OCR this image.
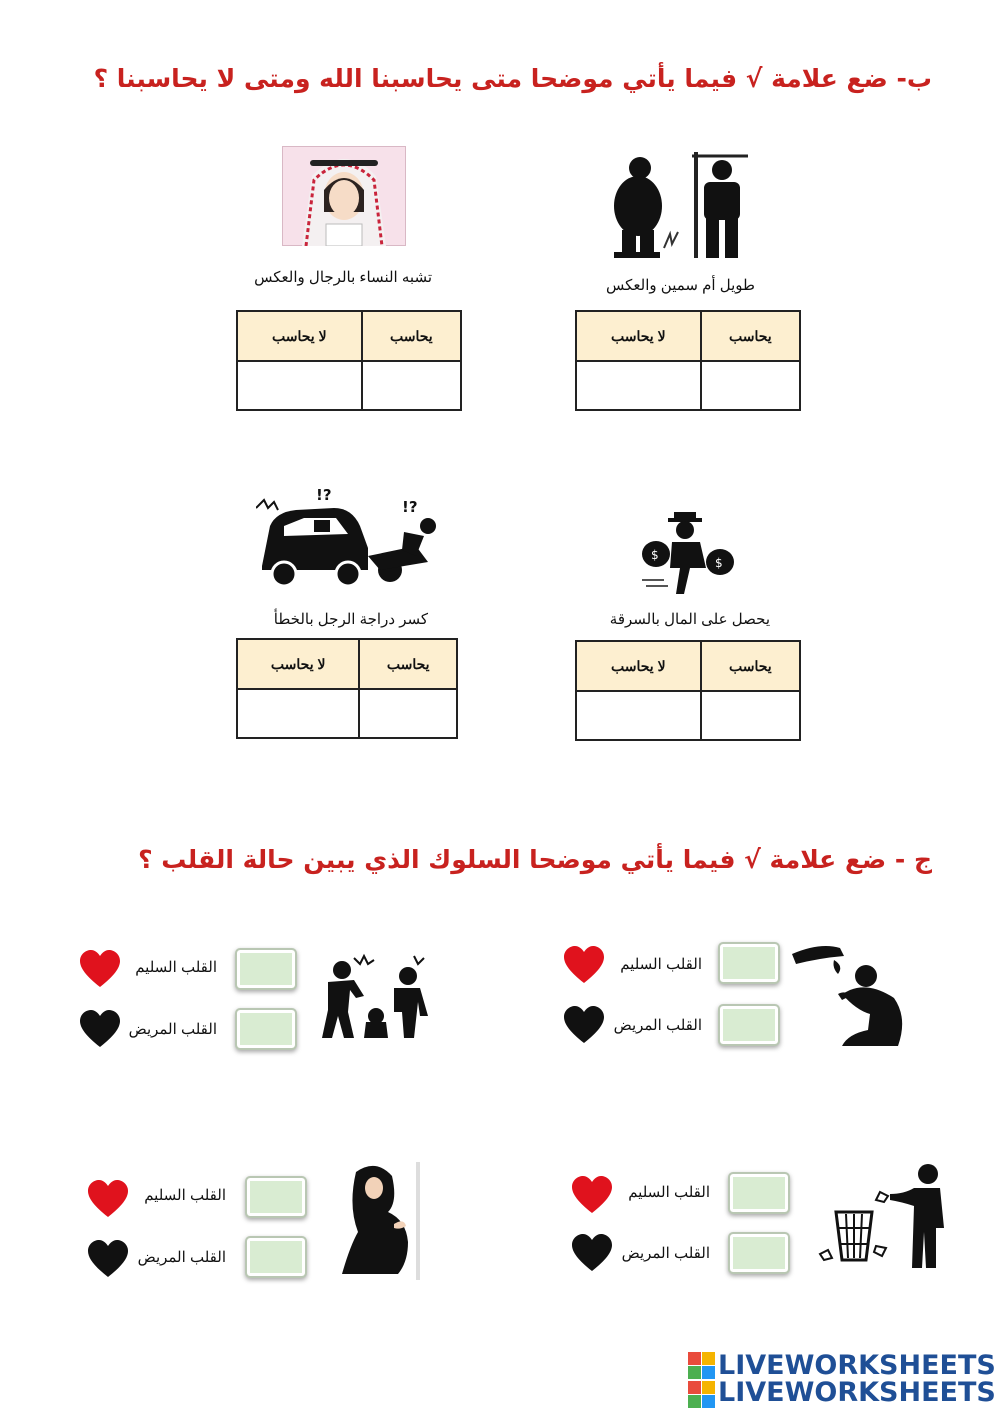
ب- ضع علامة √ فيما يأتي موضحا متى يحاسبنا الله ومتى لا يحاسبنا ؟
طويل أم سمين والعكس
يحاسب	لا يحاسب

تشبه النساء بالرجال والعكس
يحاسب	لا يحاسب

$
$
يحصل على المال بالسرقة
يحاسب	لا يحاسب

!?
!?
كسر دراجة الرجل بالخطأ
يحاسب	لا يحاسب

ج - ضع علامة √ فيما يأتي موضحا السلوك الذي يبين حالة القلب ؟
القلب السليم
القلب المريض
القلب السليم
القلب المريض
القلب السليم
القلب المريض
القلب السليم
القلب المريض
LIVEWORKSHEETS
LIVEWORKSHEETS
